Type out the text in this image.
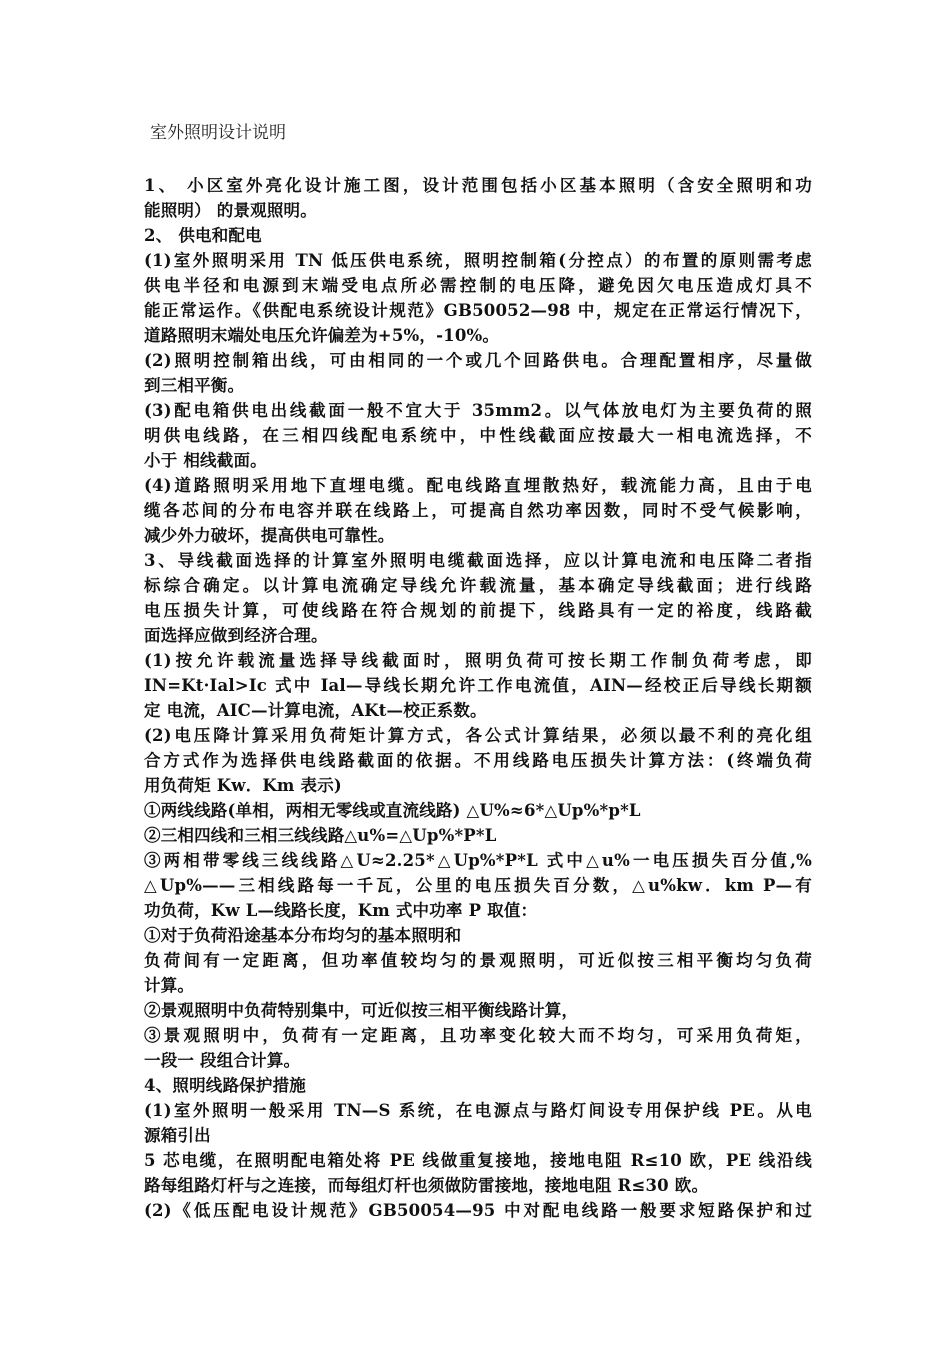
室外照明设计说明

1、 小区室外亮化设计施工图，设计范围包括小区基本照明（含安全照明和功

能照明） 的景观照明。

2、 供电和配电

(1)室外照明采用 TN 低压供电系统，照明控制箱(分控点）的布置的原则需考虑

供电半径和电源到末端受电点所必需控制的电压降，避免因欠电压造成灯具不

能正常运作。《供配电系统设计规范》GB50052—98 中，规定在正常运行情况下，

道路照明末端处电压允许偏差为+5%，-10%。

(2)照明控制箱出线，可由相同的一个或几个回路供电。合理配置相序，尽量做

到三相平衡。

(3)配电箱供电出线截面一般不宜大于 35mm2。以气体放电灯为主要负荷的照

明供电线路，在三相四线配电系统中，中性线截面应按最大一相电流选择，不

小于 相线截面。

(4)道路照明采用地下直埋电缆。配电线路直埋散热好，载流能力高，且由于电

缆各芯间的分布电容并联在线路上，可提高自然功率因数，同时不受气候影响，

减少外力破坏，提高供电可靠性。

3、导线截面选择的计算室外照明电缆截面选择，应以计算电流和电压降二者指

标综合确定。以计算电流确定导线允许载流量，基本确定导线截面；进行线路

电压损失计算，可使线路在符合规划的前提下，线路具有一定的裕度，线路截

面选择应做到经济合理。

(1)按允许载流量选择导线截面时，照明负荷可按长期工作制负荷考虑，即

IN=Kt·Ial>Ic 式中 Ial—导线长期允许工作电流值，AIN—经校正后导线长期额

定 电流，AIC—计算电流，AKt—校正系数。

(2)电压降计算采用负荷矩计算方式，各公式计算结果，必须以最不利的亮化组

合方式作为选择供电线路截面的依据。不用线路电压损失计算方法：(终端负荷

用负荷矩 Kw．Km 表示)

①两线线路(单相，两相无零线或直流线路) △U%≈6*△Up%*p*L

②三相四线和三相三线线路△u%=△Up%*P*L

③两相带零线三线线路△U≈2.25*△Up%*P*L 式中△u%一电压损失百分值,%

△Up%——三相线路每一千瓦，公里的电压损失百分数，△u%kw．km P—有

功负荷，Kw L—线路长度，Km 式中功率 P 取值：

①对于负荷沿途基本分布均匀的基本照明和

负荷间有一定距离，但功率值较均匀的景观照明，可近似按三相平衡均匀负荷

计算。

②景观照明中负荷特别集中，可近似按三相平衡线路计算，

③景观照明中，负荷有一定距离，且功率变化较大而不均匀，可采用负荷矩，

一段一 段组合计算。

4、照明线路保护措施

(1)室外照明一般采用 TN—S 系统，在电源点与路灯间设专用保护线 PE。从电

源箱引出

5 芯电缆，在照明配电箱处将 PE 线做重复接地，接地电阻 R≤10 欧，PE 线沿线

路每组路灯杆与之连接，而每组灯杆也须做防雷接地，接地电阻 R≤30 欧。

(2)《低压配电设计规范》GB50054—95 中对配电线路一般要求短路保护和过
